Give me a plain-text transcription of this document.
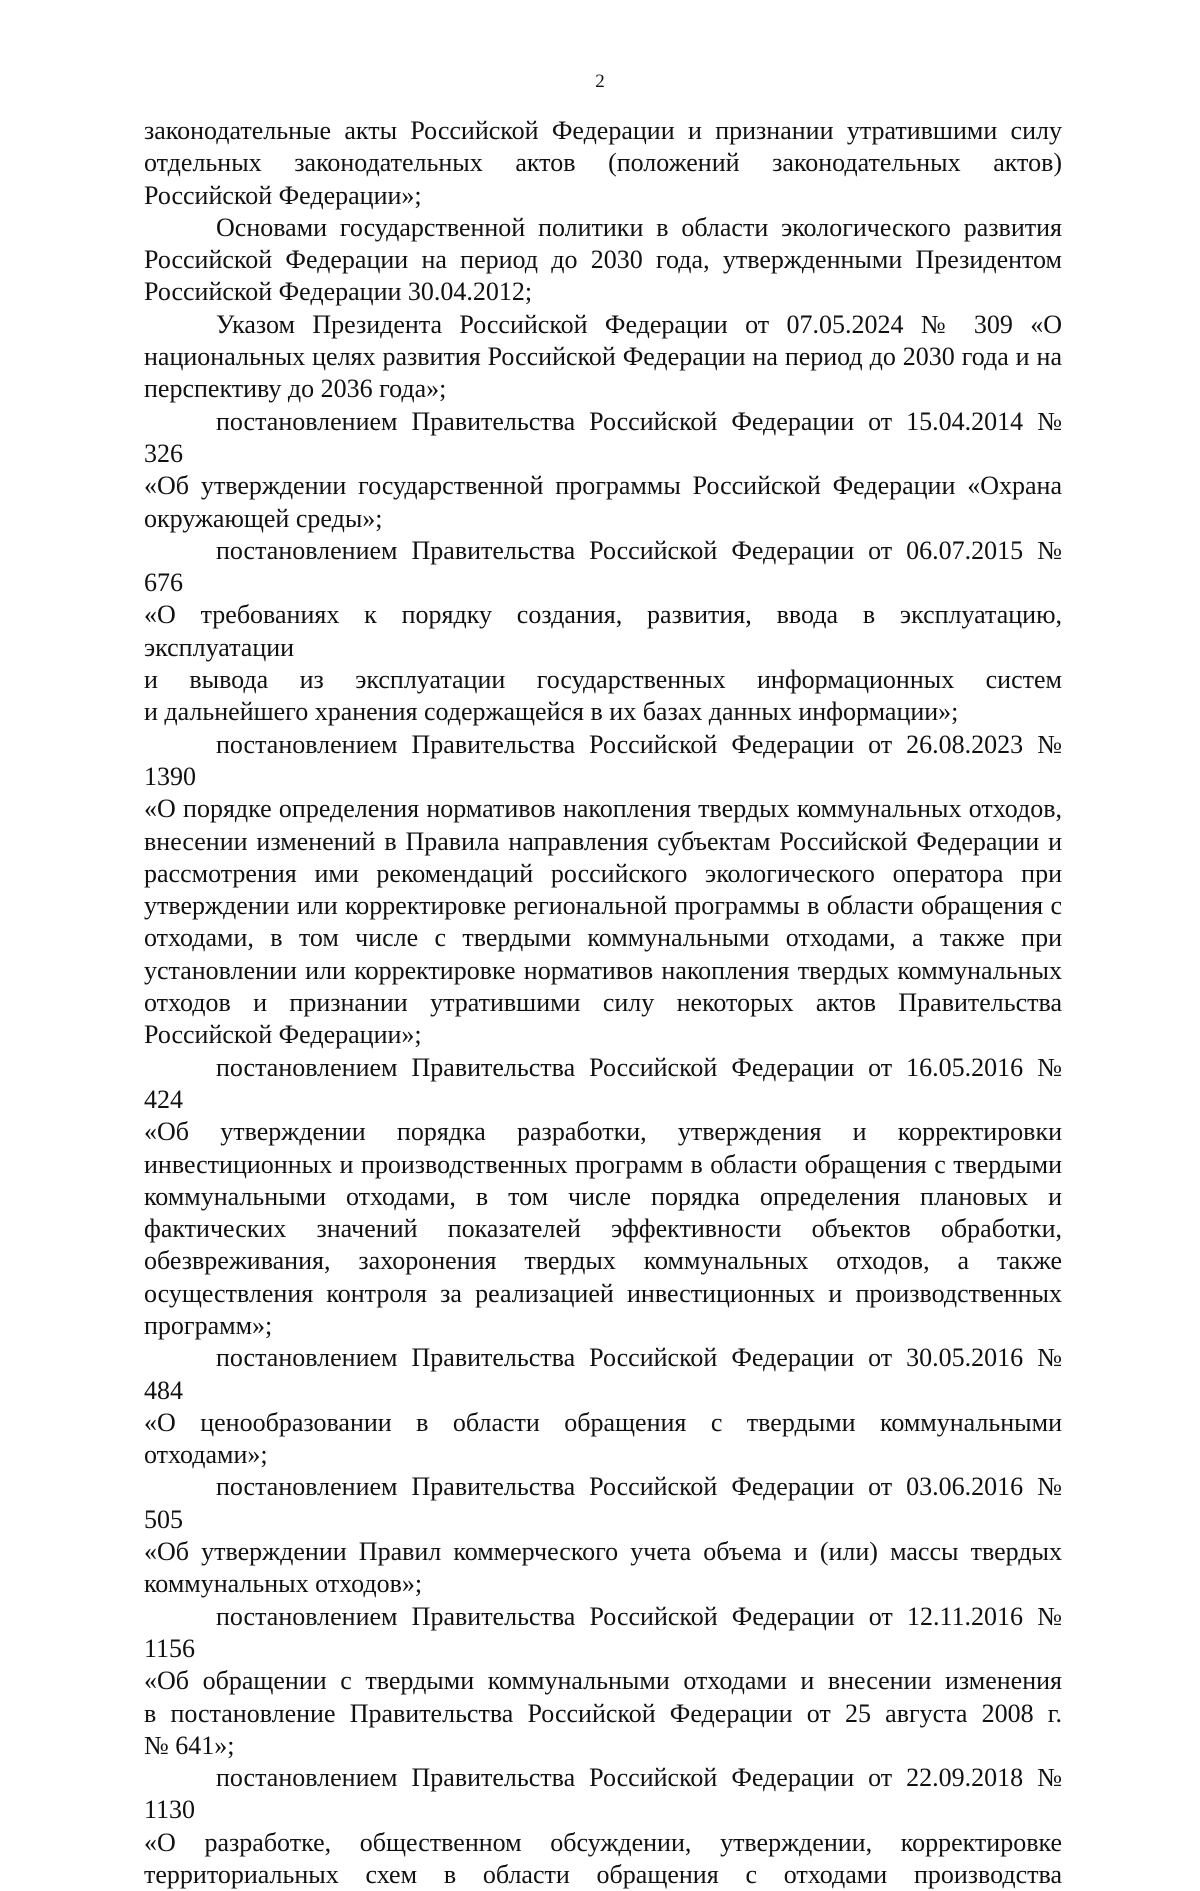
2
законодательные акты Российской Федерации и признании утратившими силу
отдельных законодательных актов (положений законодательных актов)
Российской Федерации»;
Основами государственной политики в области экологического развития
Российской Федерации на период до 2030 года, утвержденными Президентом
Российской Федерации 30.04.2012;
Указом Президента Российской Федерации от 07.05.2024 № 309 «О
национальных целях развития Российской Федерации на период до 2030 года и на
перспективу до 2036 года»;
постановлением Правительства Российской Федерации от 15.04.2014 № 326
«Об утверждении государственной программы Российской Федерации «Охрана
окружающей среды»;
постановлением Правительства Российской Федерации от 06.07.2015 № 676
«О требованиях к порядку создания, развития, ввода в эксплуатацию, эксплуатации
и вывода из эксплуатации государственных информационных систем
и дальнейшего хранения содержащейся в их базах данных информации»;
постановлением Правительства Российской Федерации от 26.08.2023 № 1390
«О порядке определения нормативов накопления твердых коммунальных отходов,
внесении изменений в Правила направления субъектам Российской Федерации и
рассмотрения ими рекомендаций российского экологического оператора при
утверждении или корректировке региональной программы в области обращения с
отходами, в том числе с твердыми коммунальными отходами, а также при
установлении или корректировке нормативов накопления твердых коммунальных
отходов и признании утратившими силу некоторых актов Правительства
Российской Федерации»;
постановлением Правительства Российской Федерации от 16.05.2016 № 424
«Об утверждении порядка разработки, утверждения и корректировки
инвестиционных и производственных программ в области обращения с твердыми
коммунальными отходами, в том числе порядка определения плановых и
фактических значений показателей эффективности объектов обработки,
обезвреживания, захоронения твердых коммунальных отходов, а также
осуществления контроля за реализацией инвестиционных и производственных
программ»;
постановлением Правительства Российской Федерации от 30.05.2016 № 484
«О ценообразовании в области обращения с твердыми коммунальными отходами»;
постановлением Правительства Российской Федерации от 03.06.2016 № 505
«Об утверждении Правил коммерческого учета объема и (или) массы твердых
коммунальных отходов»;
постановлением Правительства Российской Федерации от 12.11.2016 № 1156
«Об обращении с твердыми коммунальными отходами и внесении изменения
в постановление Правительства Российской Федерации от 25 августа 2008 г.
№ 641»;
постановлением Правительства Российской Федерации от 22.09.2018 № 1130
«О разработке, общественном обсуждении, утверждении, корректировке
территориальных схем в области обращения с отходами производства
